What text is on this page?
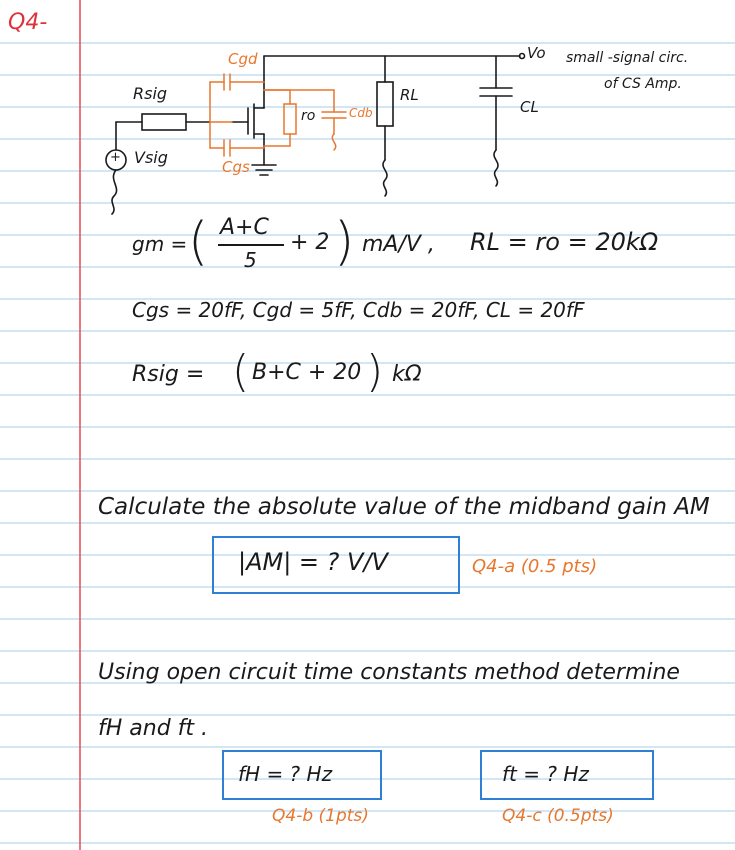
Q4-
Cgd
Cgs
Rsig
+ Vsig
ro	Cdb
RL
CL
Vo small -signal circ.
of CS Amp.
gm = ( A+C
5
+ 2 ) mA/V , RL = ro = 20kΩ
Cgs = 20fF, Cgd = 5fF, Cdb = 20fF, CL = 20fF
Rsig = ( B+C + 20 ) kΩ
Calculate the absolute value of the midband gain AM
|AM| = ? V/V	Q4-a (0.5 pts)
Using open circuit time constants method determine
fH and ft .
fH = ? Hz	ft = ? Hz
Q4-b (1pts)	Q4-c (0.5pts)
